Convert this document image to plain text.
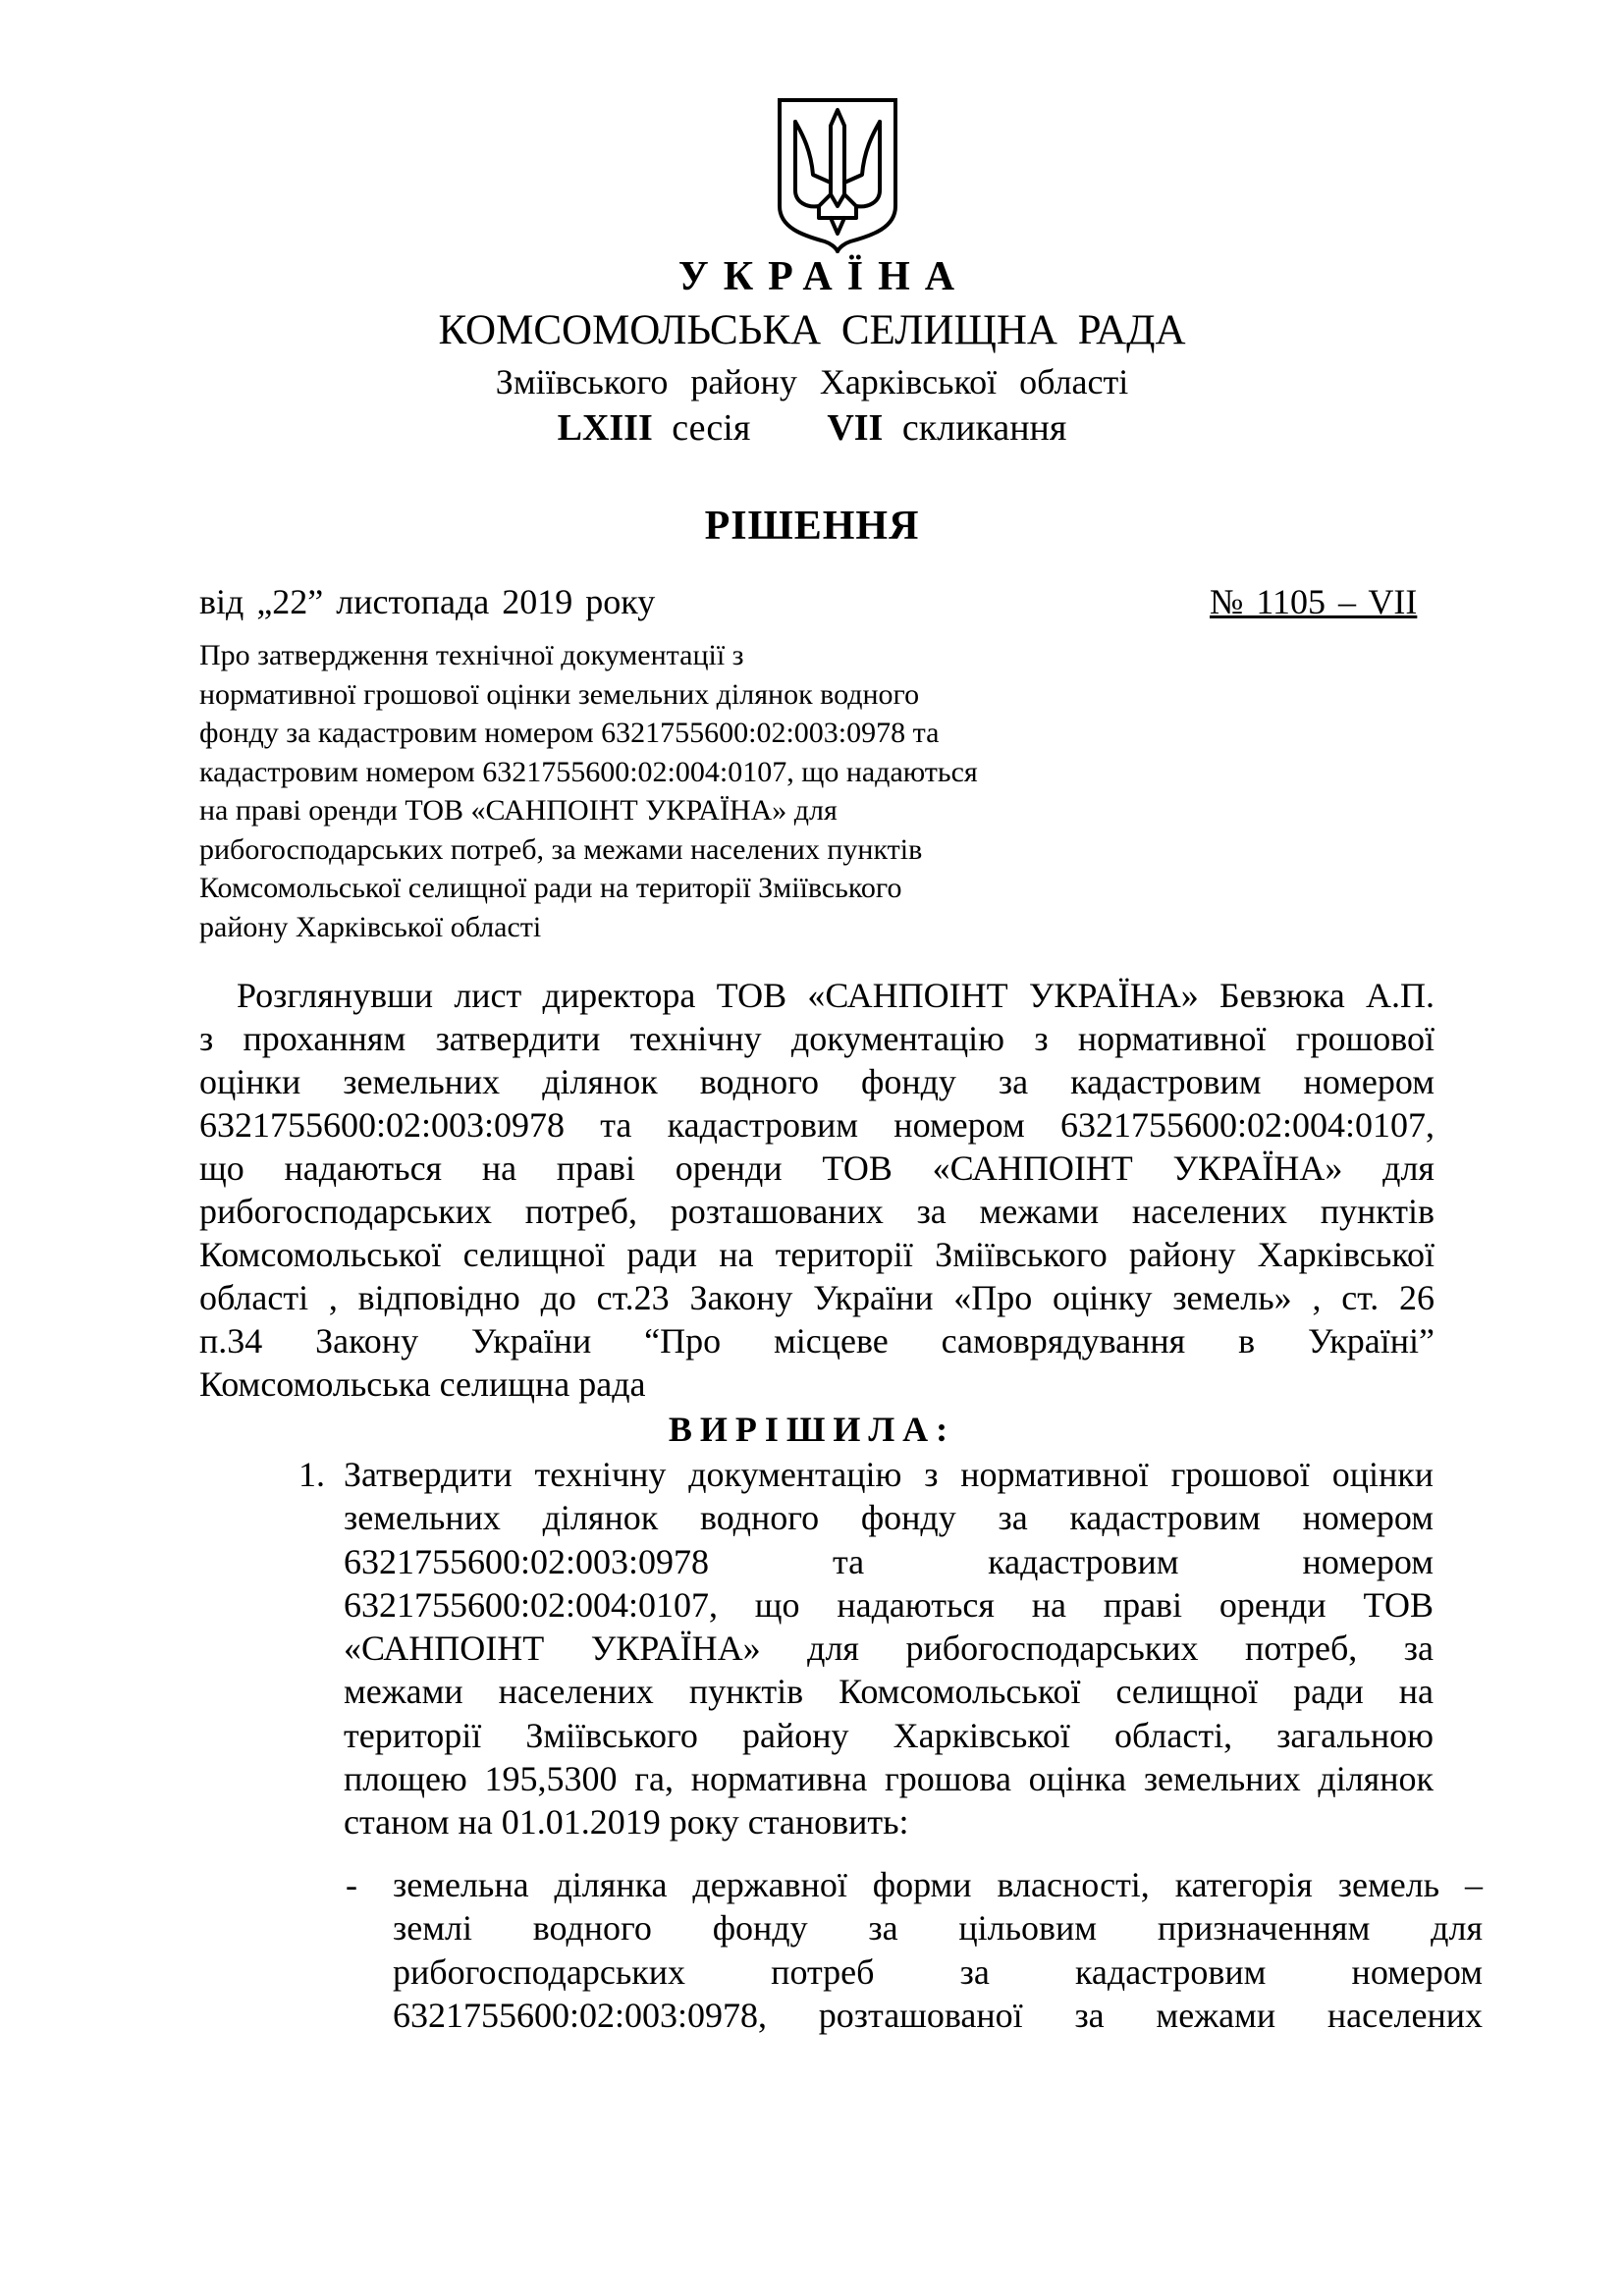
УКРАЇНА
КОМСОМОЛЬСЬКА СЕЛИЩНА РАДА
Зміївського району Харківської області
LXIII сесія VII скликання
РІШЕННЯ
від „22” листопада 2019 року	№ 1105 – VII
Про затвердження технічної документації з
нормативної грошової оцінки земельних ділянок водного
фонду за кадастровим номером 6321755600:02:003:0978 та
кадастровим номером 6321755600:02:004:0107, що надаються
на праві оренди ТОВ «САНПОІНТ УКРАЇНА» для
рибогосподарських потреб, за межами населених пунктів
Комсомольської селищної ради на території Зміївського
району Харківської області
Розглянувши лист директора ТОВ «САНПОІНТ УКРАЇНА» Бевзюка А.П.
з проханням затвердити технічну документацію з нормативної грошової
оцінки земельних ділянок водного фонду за кадастровим номером
6321755600:02:003:0978 та кадастровим номером 6321755600:02:004:0107,
що надаються на праві оренди ТОВ «САНПОІНТ УКРАЇНА» для
рибогосподарських потреб, розташованих за межами населених пунктів
Комсомольської селищної ради на території Зміївського району Харківської
області , відповідно до ст.23 Закону України «Про оцінку земель» , ст. 26
п.34 Закону України “Про місцеве самоврядування в Україні”
Комсомольська селищна рада
ВИРІШИЛА:
1. Затвердити технічну документацію з нормативної грошової оцінки
земельних ділянок водного фонду за кадастровим номером
6321755600:02:003:0978 та кадастровим номером
6321755600:02:004:0107, що надаються на праві оренди ТОВ
«САНПОІНТ УКРАЇНА» для рибогосподарських потреб, за
межами населених пунктів Комсомольської селищної ради на
території Зміївського району Харківської області, загальною
площею 195,5300 га, нормативна грошова оцінка земельних ділянок
станом на 01.01.2019 року становить:
- земельна ділянка державної форми власності, категорія земель –
землі водного фонду за цільовим призначенням для
рибогосподарських потреб за кадастровим номером
6321755600:02:003:0978, розташованої за межами населених
